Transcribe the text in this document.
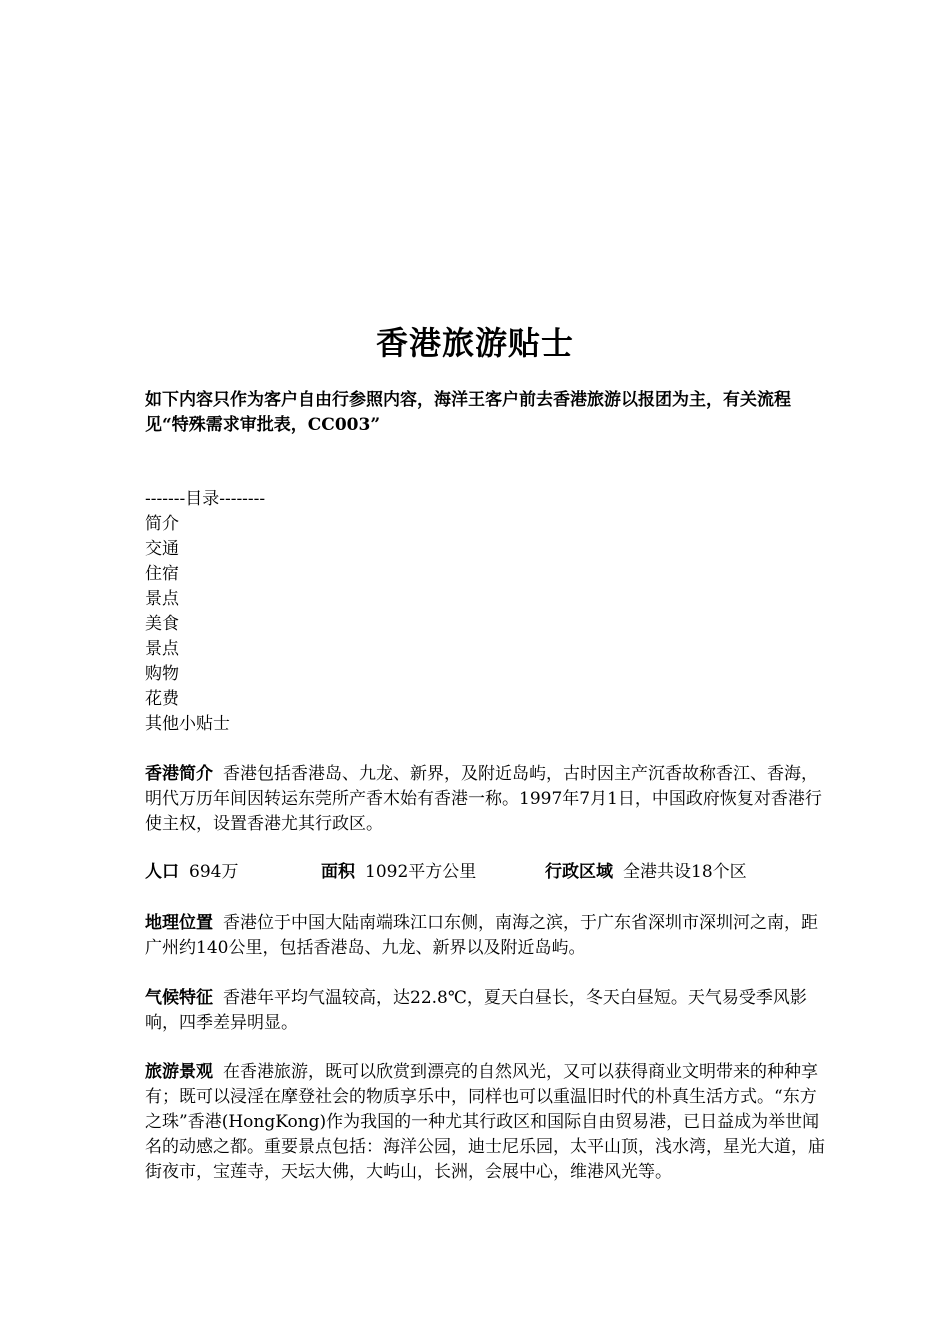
香港旅游贴士

如下内容只作为客户自由行参照内容，海洋王客户前去香港旅游以报团为主，有关流程见“特殊需求审批表，CC003”

-------目录--------
简介
交通
住宿
景点
美食
景点
购物
花费
其他小贴士

香港简介 香港包括香港岛、九龙、新界，及附近岛屿，古时因主产沉香故称香江、香海，明代万历年间因转运东莞所产香木始有香港一称。1997年7月1日，中国政府恢复对香港行使主权，设置香港尤其行政区。

人口 694万	面积 1092平方公里	行政区域 全港共设18个区

地理位置 香港位于中国大陆南端珠江口东侧，南海之滨，于广东省深圳市深圳河之南，距广州约140公里，包括香港岛、九龙、新界以及附近岛屿。

气候特征 香港年平均气温较高，达22.8℃，夏天白昼长，冬天白昼短。天气易受季风影响，四季差异明显。

旅游景观 在香港旅游，既可以欣赏到漂亮的自然风光，又可以获得商业文明带来的种种享有；既可以浸淫在摩登社会的物质享乐中，同样也可以重温旧时代的朴真生活方式。“东方之珠”香港(HongKong)作为我国的一种尤其行政区和国际自由贸易港，已日益成为举世闻名的动感之都。重要景点包括：海洋公园，迪士尼乐园，太平山顶，浅水湾，星光大道，庙街夜市，宝莲寺，天坛大佛，大屿山，长洲，会展中心，维港风光等。
